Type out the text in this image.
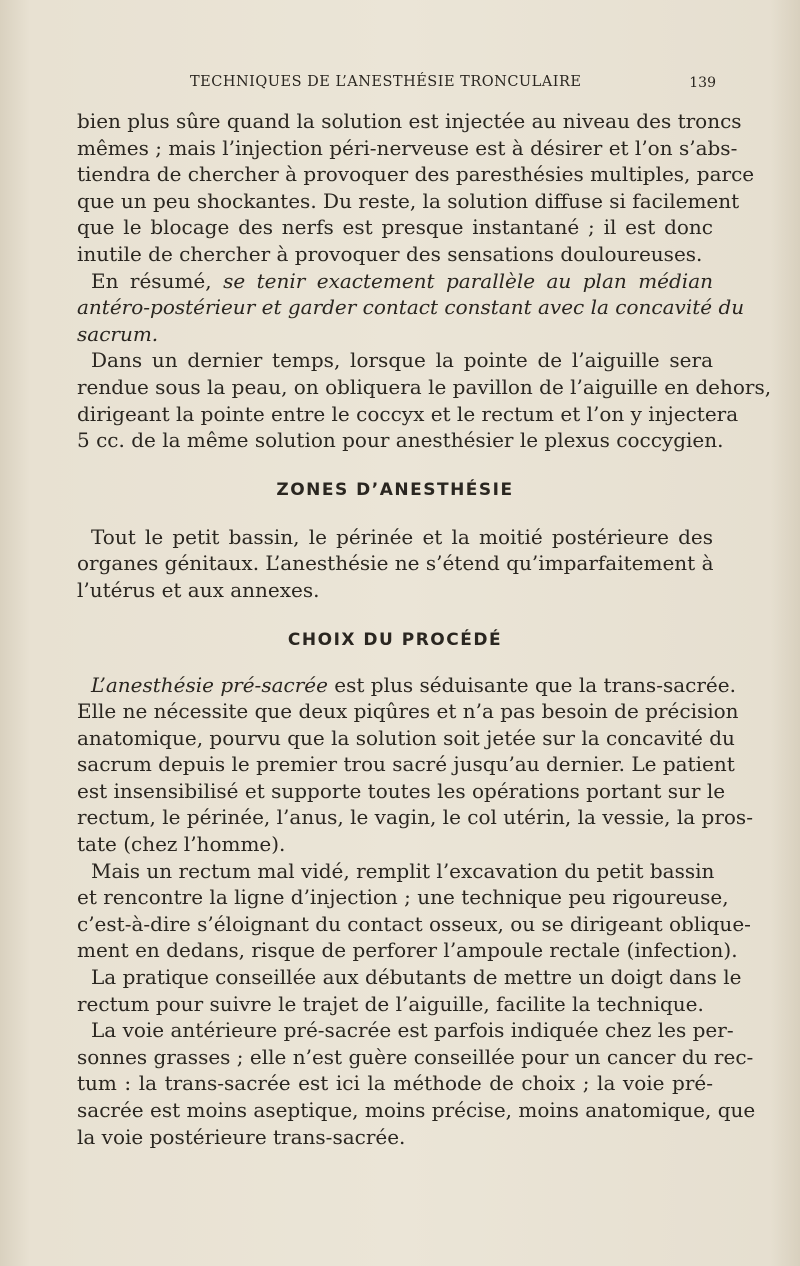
TECHNIQUES DE L’ANESTHÉSIE TRONCULAIRE	139
bien plus sûre quand la solution est injectée au niveau des troncs
mêmes ; mais l’injection péri-nerveuse est à désirer et l’on s’abs-
tiendra de chercher à provoquer des paresthésies multiples, parce
que un peu shockantes. Du reste, la solution diffuse si facilement
que le blocage des nerfs est presque instantané ; il est donc
inutile de chercher à provoquer des sensations douloureuses.
En résumé, se tenir exactement parallèle au plan médian
antéro-postérieur et garder contact constant avec la concavité du
sacrum.
Dans un dernier temps, lorsque la pointe de l’aiguille sera
rendue sous la peau, on obliquera le pavillon de l’aiguille en dehors,
dirigeant la pointe entre le coccyx et le rectum et l’on y injectera
5 cc. de la même solution pour anesthésier le plexus coccygien.
ZONES D’ANESTHÉSIE
Tout le petit bassin, le périnée et la moitié postérieure des
organes génitaux. L’anesthésie ne s’étend qu’imparfaitement à
l’utérus et aux annexes.
CHOIX DU PROCÉDÉ
L’anesthésie pré-sacrée est plus séduisante que la trans-sacrée.
Elle ne nécessite que deux piqûres et n’a pas besoin de précision
anatomique, pourvu que la solution soit jetée sur la concavité du
sacrum depuis le premier trou sacré jusqu’au dernier. Le patient
est insensibilisé et supporte toutes les opérations portant sur le
rectum, le périnée, l’anus, le vagin, le col utérin, la vessie, la pros-
tate (chez l’homme).
Mais un rectum mal vidé, remplit l’excavation du petit bassin
et rencontre la ligne d’injection ; une technique peu rigoureuse,
c’est-à-dire s’éloignant du contact osseux, ou se dirigeant oblique-
ment en dedans, risque de perforer l’ampoule rectale (infection).
La pratique conseillée aux débutants de mettre un doigt dans le
rectum pour suivre le trajet de l’aiguille, facilite la technique.
La voie antérieure pré-sacrée est parfois indiquée chez les per-
sonnes grasses ; elle n’est guère conseillée pour un cancer du rec-
tum : la trans-sacrée est ici la méthode de choix ; la voie pré-
sacrée est moins aseptique, moins précise, moins anatomique, que
la voie postérieure trans-sacrée.
